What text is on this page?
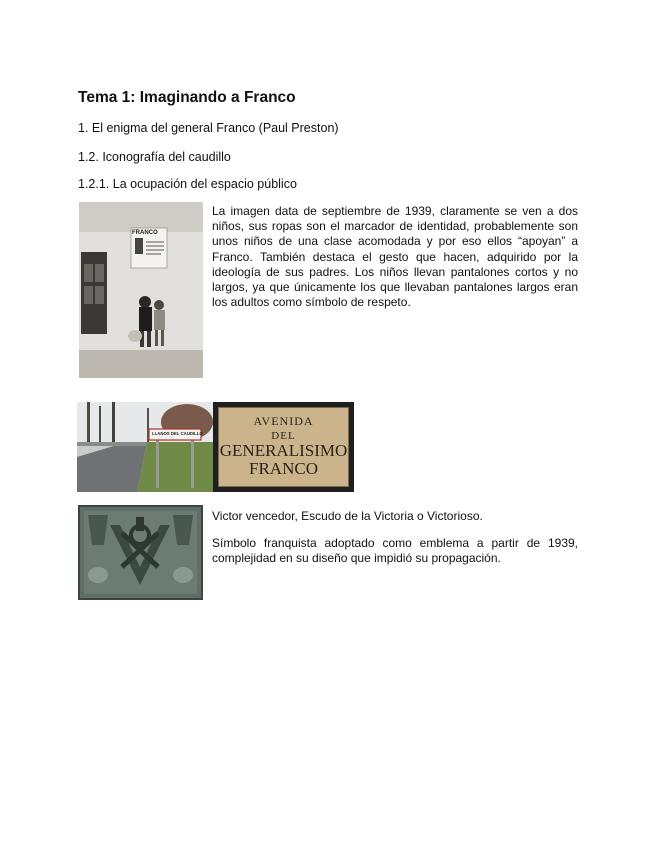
Tema 1: Imaginando a Franco
1. El enigma del general Franco (Paul Preston)
1.2. Iconografía del caudillo
1.2.1. La ocupación del espacio público
FRANCO

La imagen data de septiembre de 1939, claramente se ven a dos niños, sus ropas son el marcador de identidad, probablemente son unos niños de una clase acomodada y por eso ellos “apoyan” a Franco. También destaca el gesto que hacen, adquirido por la ideología de sus padres. Los niños llevan pantalones cortos y no largos, ya que únicamente los que llevaban pantalones largos eran los adultos como símbolo de respeto.

LLANOS DEL CAUDILLO
AVENIDA
DEL
GENERALISIMO
FRANCO
Victor vencedor, Escudo de la Victoria o Victorioso.

Símbolo franquista adoptado como emblema a partir de 1939, complejidad en su diseño que impidió su propagación.
